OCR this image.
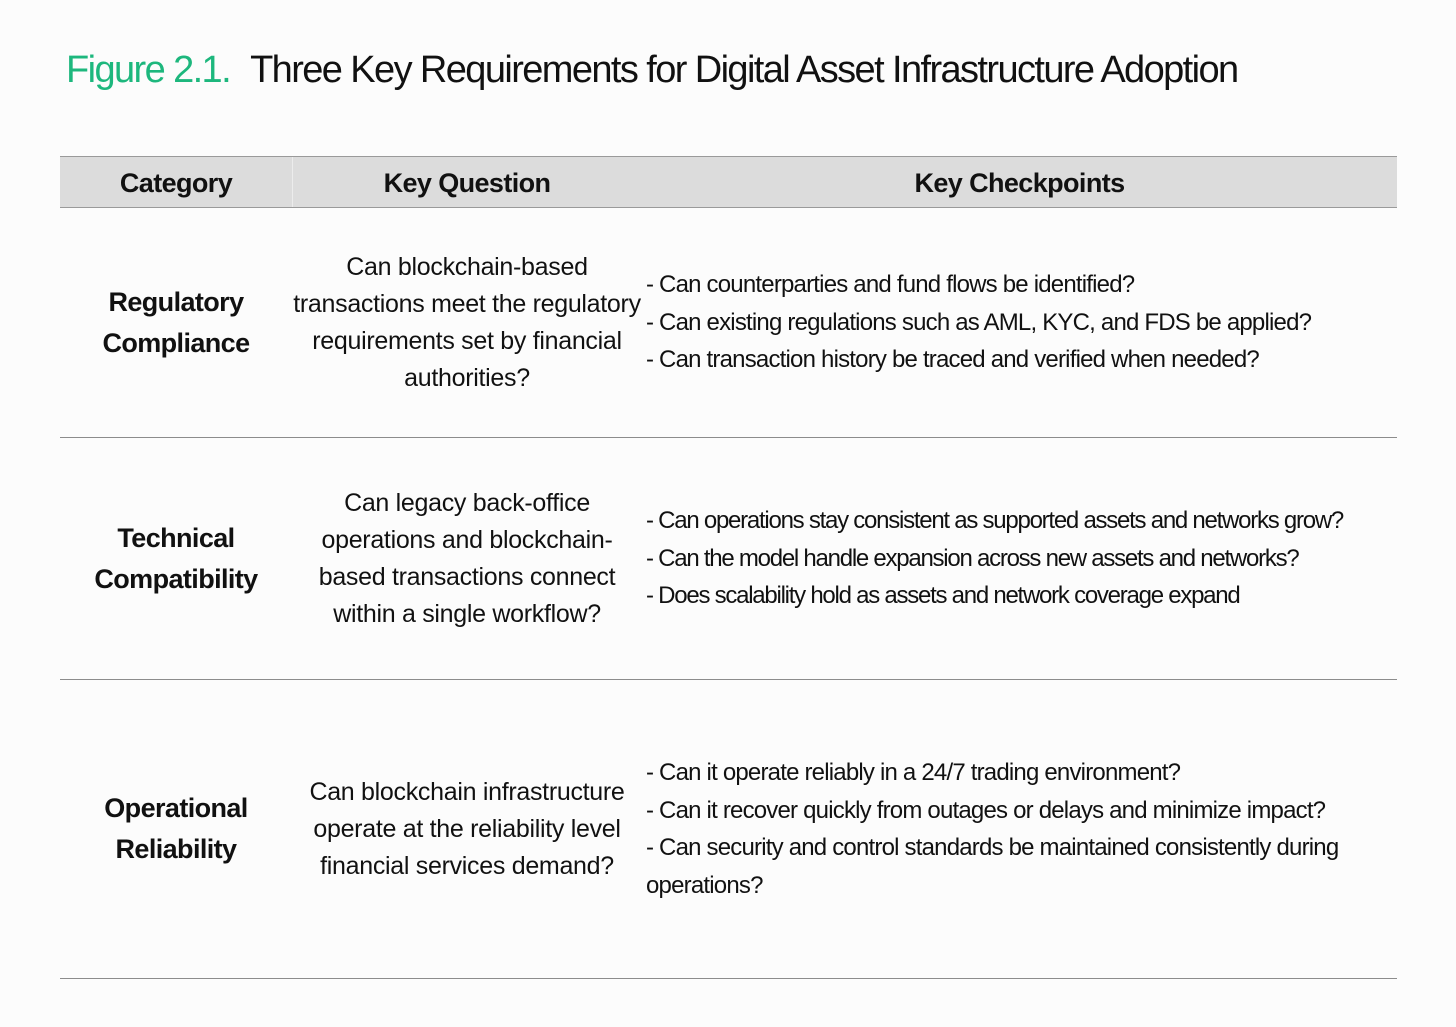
Figure 2.1. Three Key Requirements for Digital Asset Infrastructure Adoption
Category	Key Question	Key Checkpoints
Regulatory
Compliance
Can blockchain-based transactions meet the regulatory requirements set by financial authorities?
- Can counterparties and fund flows be identified?
- Can existing regulations such as AML, KYC, and FDS be applied?
- Can transaction history be traced and verified when needed?
Technical
Compatibility
Can legacy back-office operations and blockchain-based transactions connect within a single workflow?
- Can operations stay consistent as supported assets and networks grow?
- Can the model handle expansion across new assets and networks?
- Does scalability hold as assets and network coverage expand
Operational
Reliability
Can blockchain infrastructure operate at the reliability level financial services demand?
- Can it operate reliably in a 24/7 trading environment?
- Can it recover quickly from outages or delays and minimize impact?
- Can security and control standards be maintained consistently during operations?
